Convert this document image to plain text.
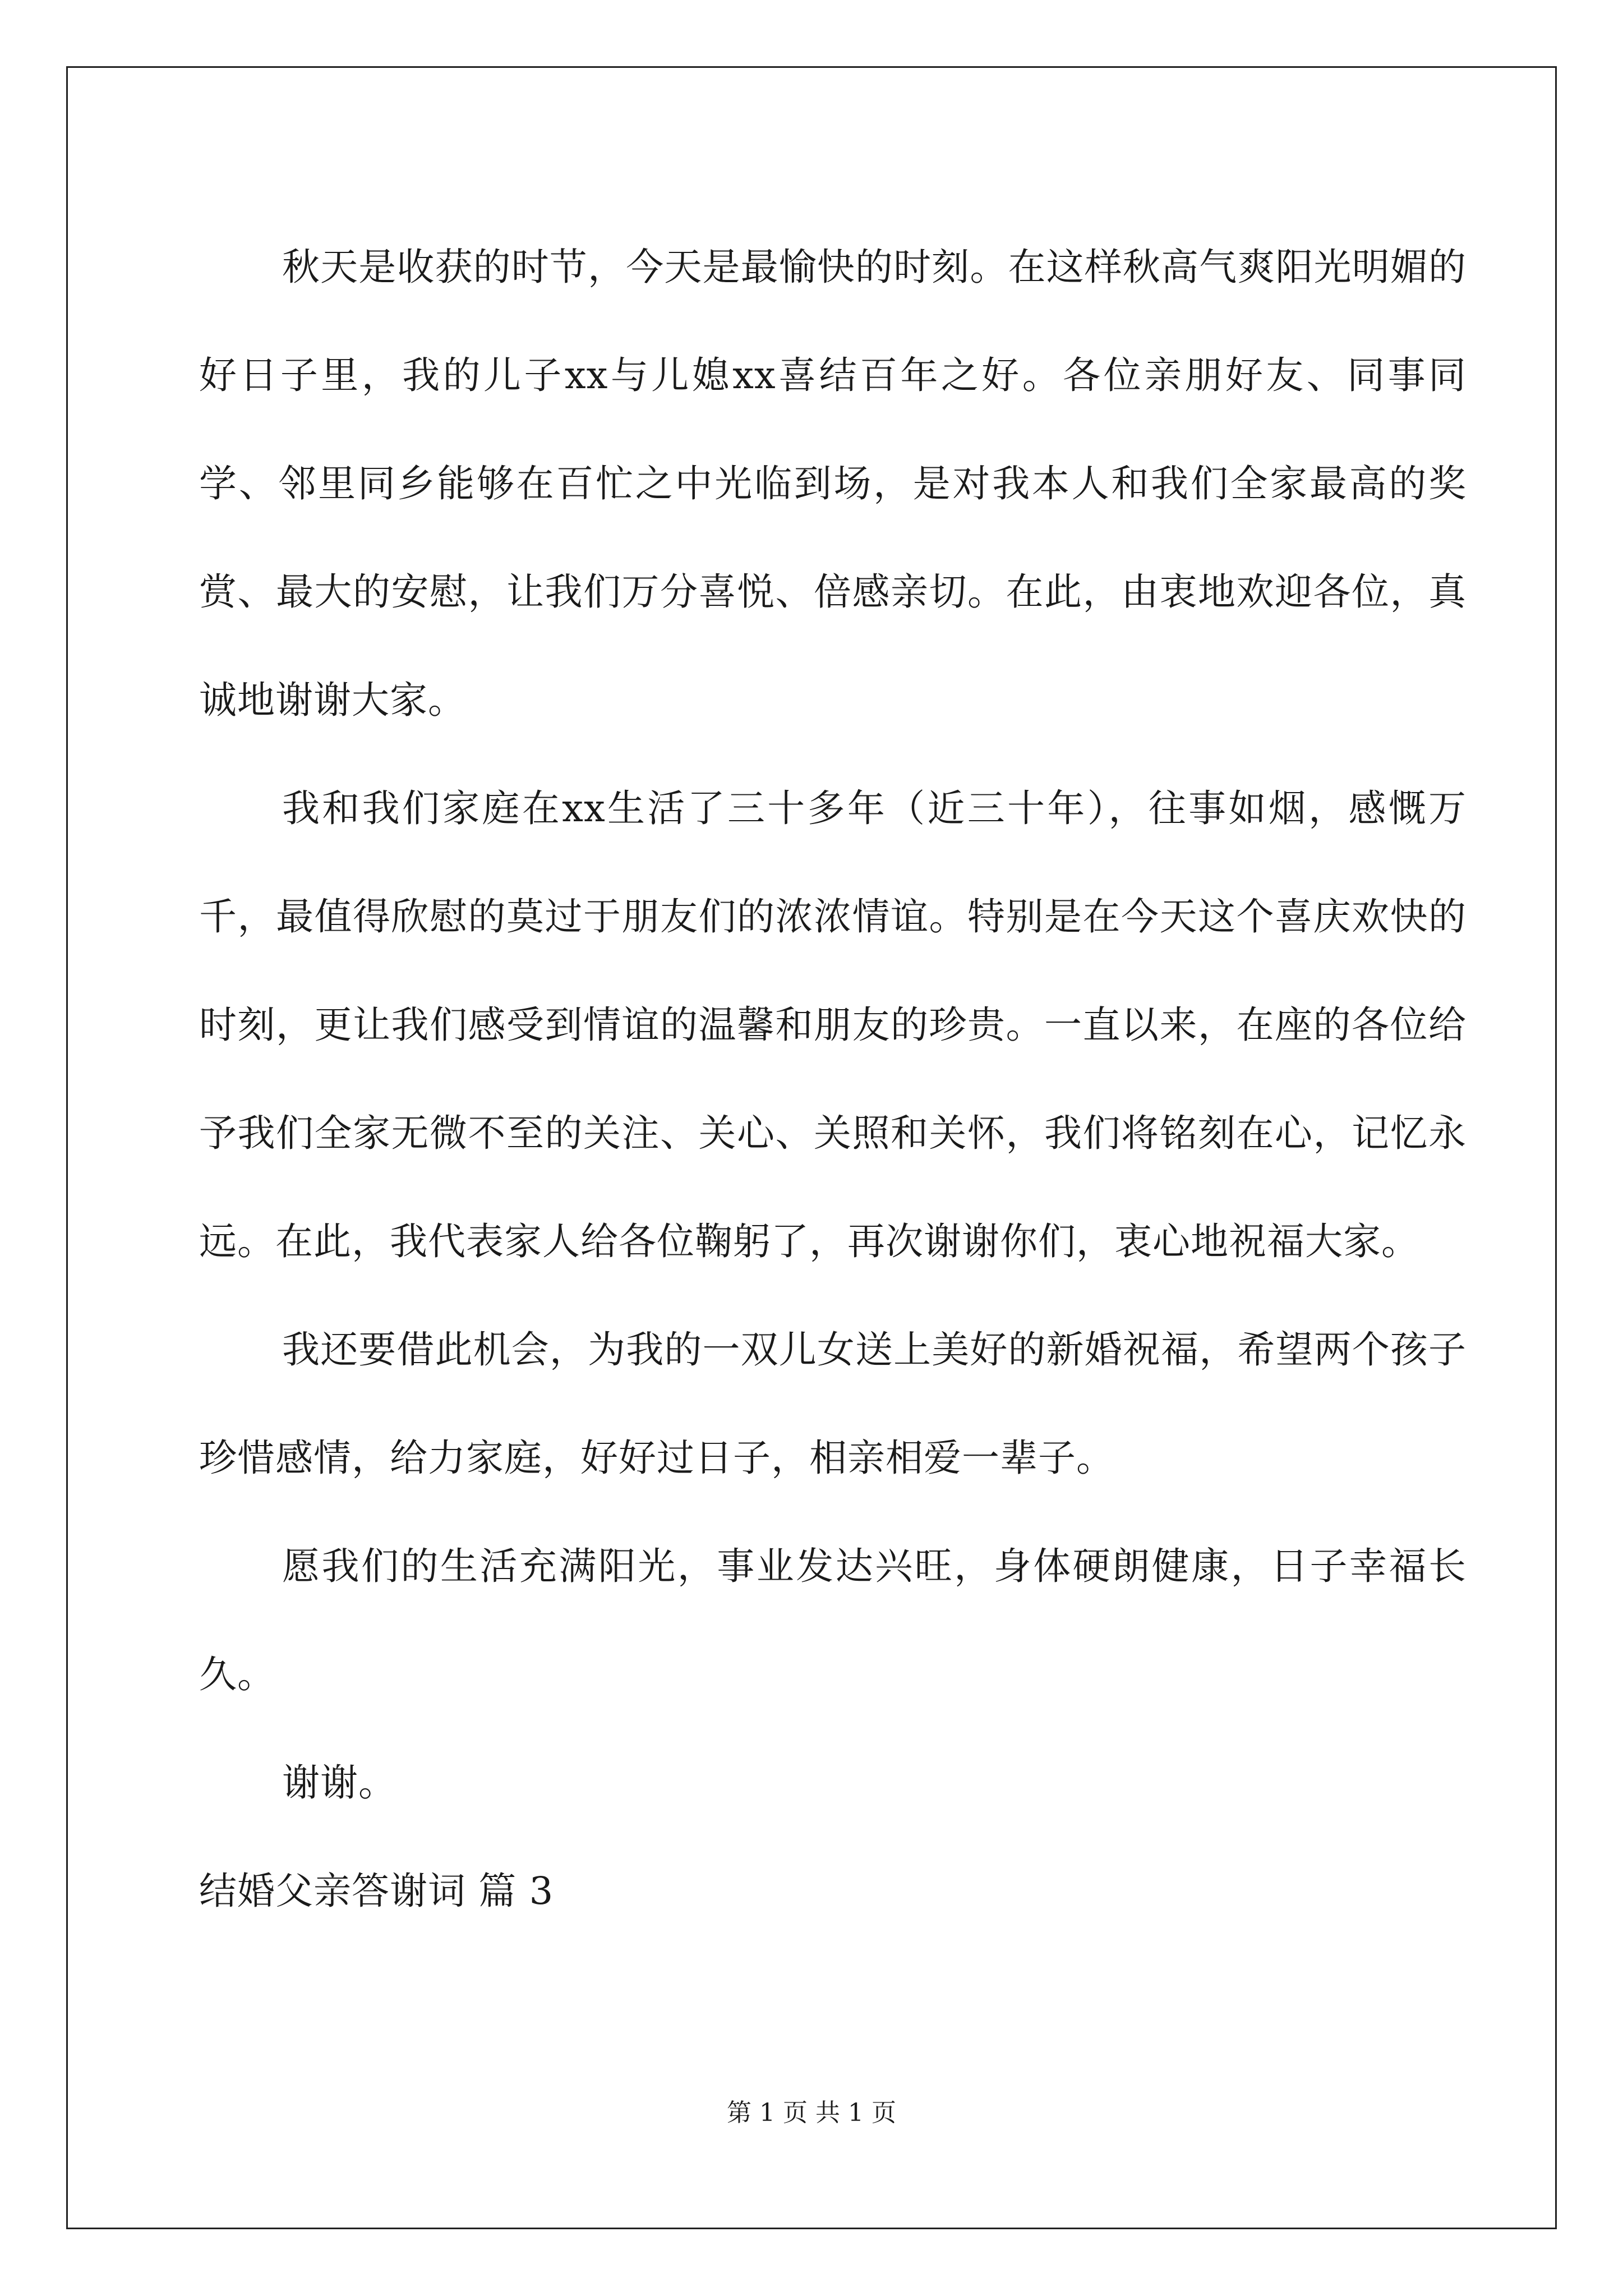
秋天是收获的时节，今天是最愉快的时刻。在这样秋高气爽阳光明媚的好日子里，我的儿子xx与儿媳xx喜结百年之好。各位亲朋好友、同事同学、邻里同乡能够在百忙之中光临到场，是对我本人和我们全家最高的奖赏、最大的安慰，让我们万分喜悦、倍感亲切。在此，由衷地欢迎各位，真诚地谢谢大家。

我和我们家庭在xx生活了三十多年（近三十年），往事如烟，感慨万千，最值得欣慰的莫过于朋友们的浓浓情谊。特别是在今天这个喜庆欢快的时刻，更让我们感受到情谊的温馨和朋友的珍贵。一直以来，在座的各位给予我们全家无微不至的关注、关心、关照和关怀，我们将铭刻在心，记忆永远。在此，我代表家人给各位鞠躬了，再次谢谢你们，衷心地祝福大家。

我还要借此机会，为我的一双儿女送上美好的新婚祝福，希望两个孩子珍惜感情，给力家庭，好好过日子，相亲相爱一辈子。

愿我们的生活充满阳光，事业发达兴旺，身体硬朗健康，日子幸福长久。

谢谢。

结婚父亲答谢词 篇 3

第 1 页 共 1 页
